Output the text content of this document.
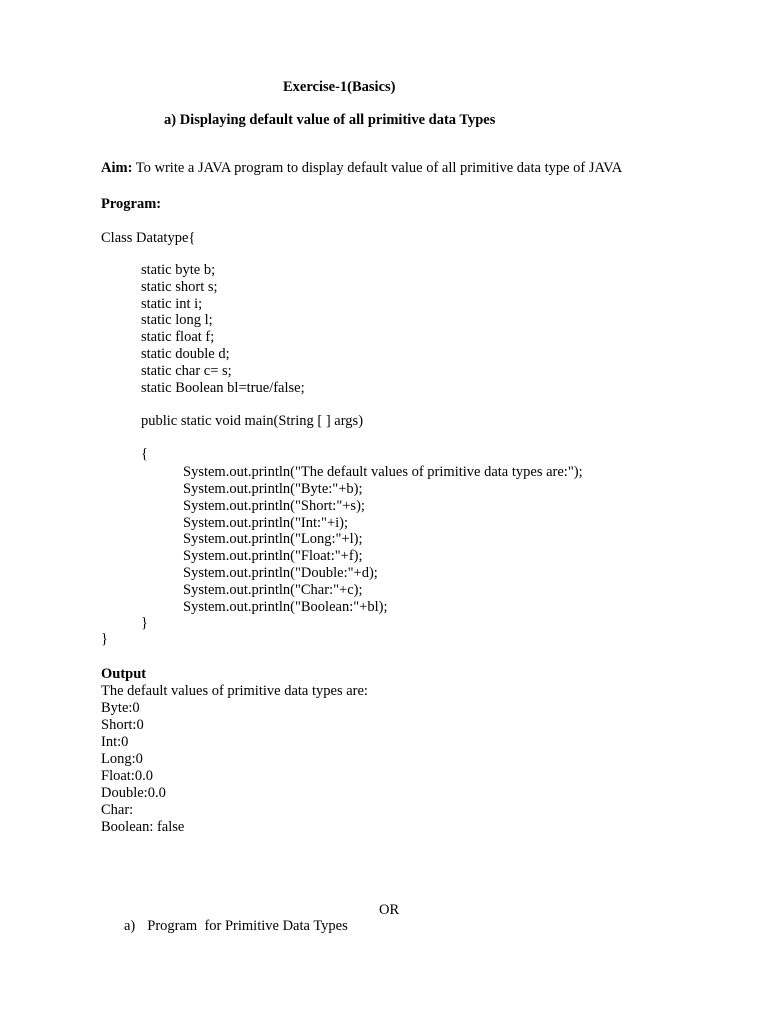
Exercise-1(Basics)
a) Displaying default value of all primitive data Types
Aim: To write a JAVA program to display default value of all primitive data type of JAVA
Program:
Class Datatype{
static byte b;
static short s;
static int i;
static long l;
static float f;
static double d;
static char c= s;
static Boolean bl=true/false;
public static void main(String [ ] args)
{
System.out.println("The default values of primitive data types are:");
System.out.println("Byte:"+b);
System.out.println("Short:"+s);
System.out.println("Int:"+i);
System.out.println("Long:"+l);
System.out.println("Float:"+f);
System.out.println("Double:"+d);
System.out.println("Char:"+c);
System.out.println("Boolean:"+bl);
}
}
Output
The default values of primitive data types are:
Byte:0
Short:0
Int:0
Long:0
Float:0.0
Double:0.0
Char:
Boolean: false
OR
a) Program  for Primitive Data Types
